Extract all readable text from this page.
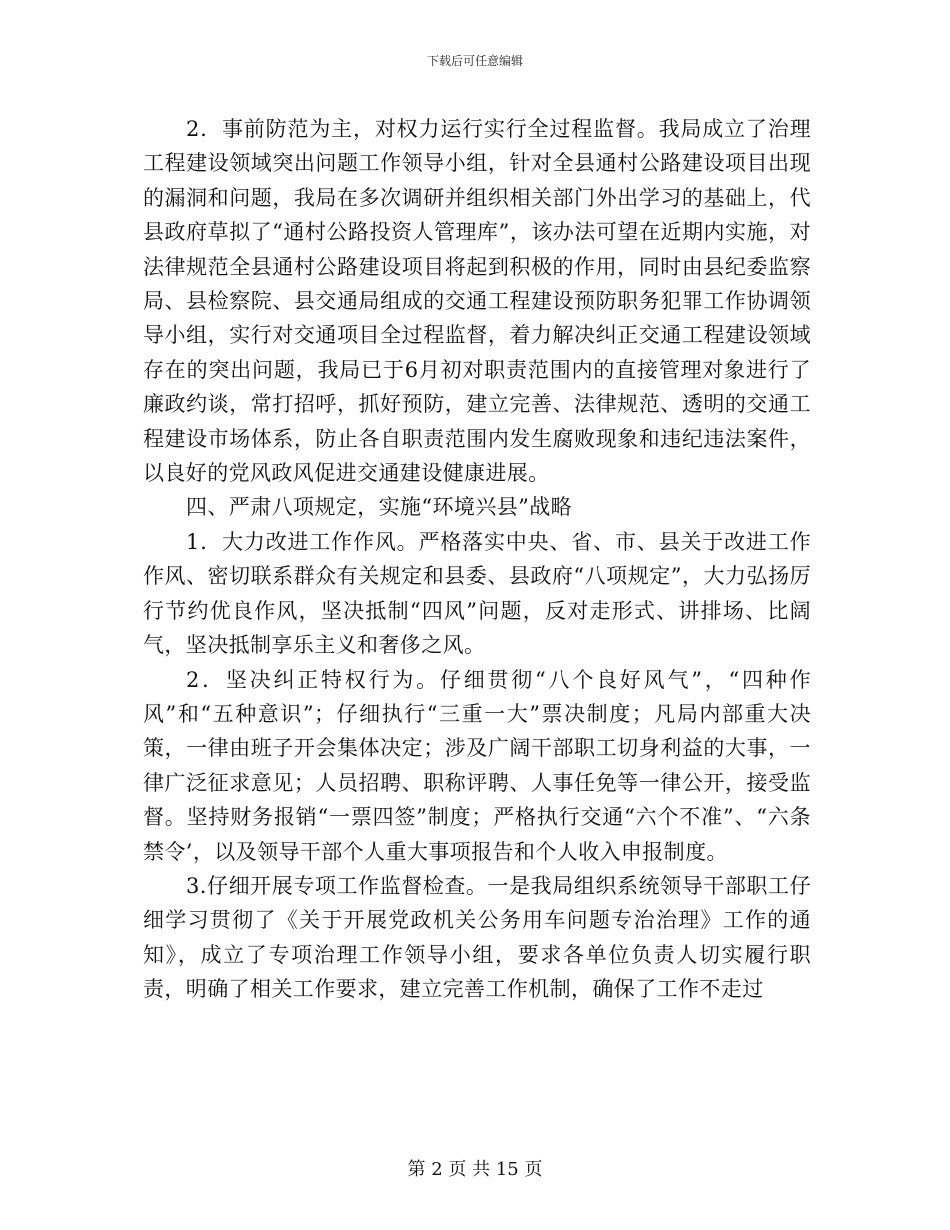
下载后可任意编辑

2．事前防范为主，对权力运行实行全过程监督。我局成立了治理工程建设领域突出问题工作领导小组，针对全县通村公路建设项目出现的漏洞和问题，我局在多次调研并组织相关部门外出学习的基础上，代县政府草拟了“通村公路投资人管理库”，该办法可望在近期内实施，对法律规范全县通村公路建设项目将起到积极的作用，同时由县纪委监察局、县检察院、县交通局组成的交通工程建设预防职务犯罪工作协调领导小组，实行对交通项目全过程监督，着力解决纠正交通工程建设领域存在的突出问题，我局已于6月初对职责范围内的直接管理对象进行了廉政约谈，常打招呼，抓好预防，建立完善、法律规范、透明的交通工程建设市场体系，防止各自职责范围内发生腐败现象和违纪违法案件，以良好的党风政风促进交通建设健康进展。

四、严肃八项规定，实施“环境兴县”战略

1．大力改进工作作风。严格落实中央、省、市、县关于改进工作作风、密切联系群众有关规定和县委、县政府“八项规定”，大力弘扬厉行节约优良作风，坚决抵制“四风”问题，反对走形式、讲排场、比阔气，坚决抵制享乐主义和奢侈之风。

2．坚决纠正特权行为。仔细贯彻“八个良好风气”，“四种作风”和“五种意识”；仔细执行“三重一大”票决制度；凡局内部重大决策，一律由班子开会集体决定；涉及广阔干部职工切身利益的大事，一律广泛征求意见；人员招聘、职称评聘、人事任免等一律公开，接受监督。坚持财务报销“一票四签”制度；严格执行交通“六个不准”、“六条禁令’，以及领导干部个人重大事项报告和个人收入申报制度。

3.仔细开展专项工作监督检查。一是我局组织系统领导干部职工仔细学习贯彻了《关于开展党政机关公务用车问题专治治理》工作的通知》，成立了专项治理工作领导小组，要求各单位负责人切实履行职责，明确了相关工作要求，建立完善工作机制，确保了工作不走过

第 2 页 共 15 页
